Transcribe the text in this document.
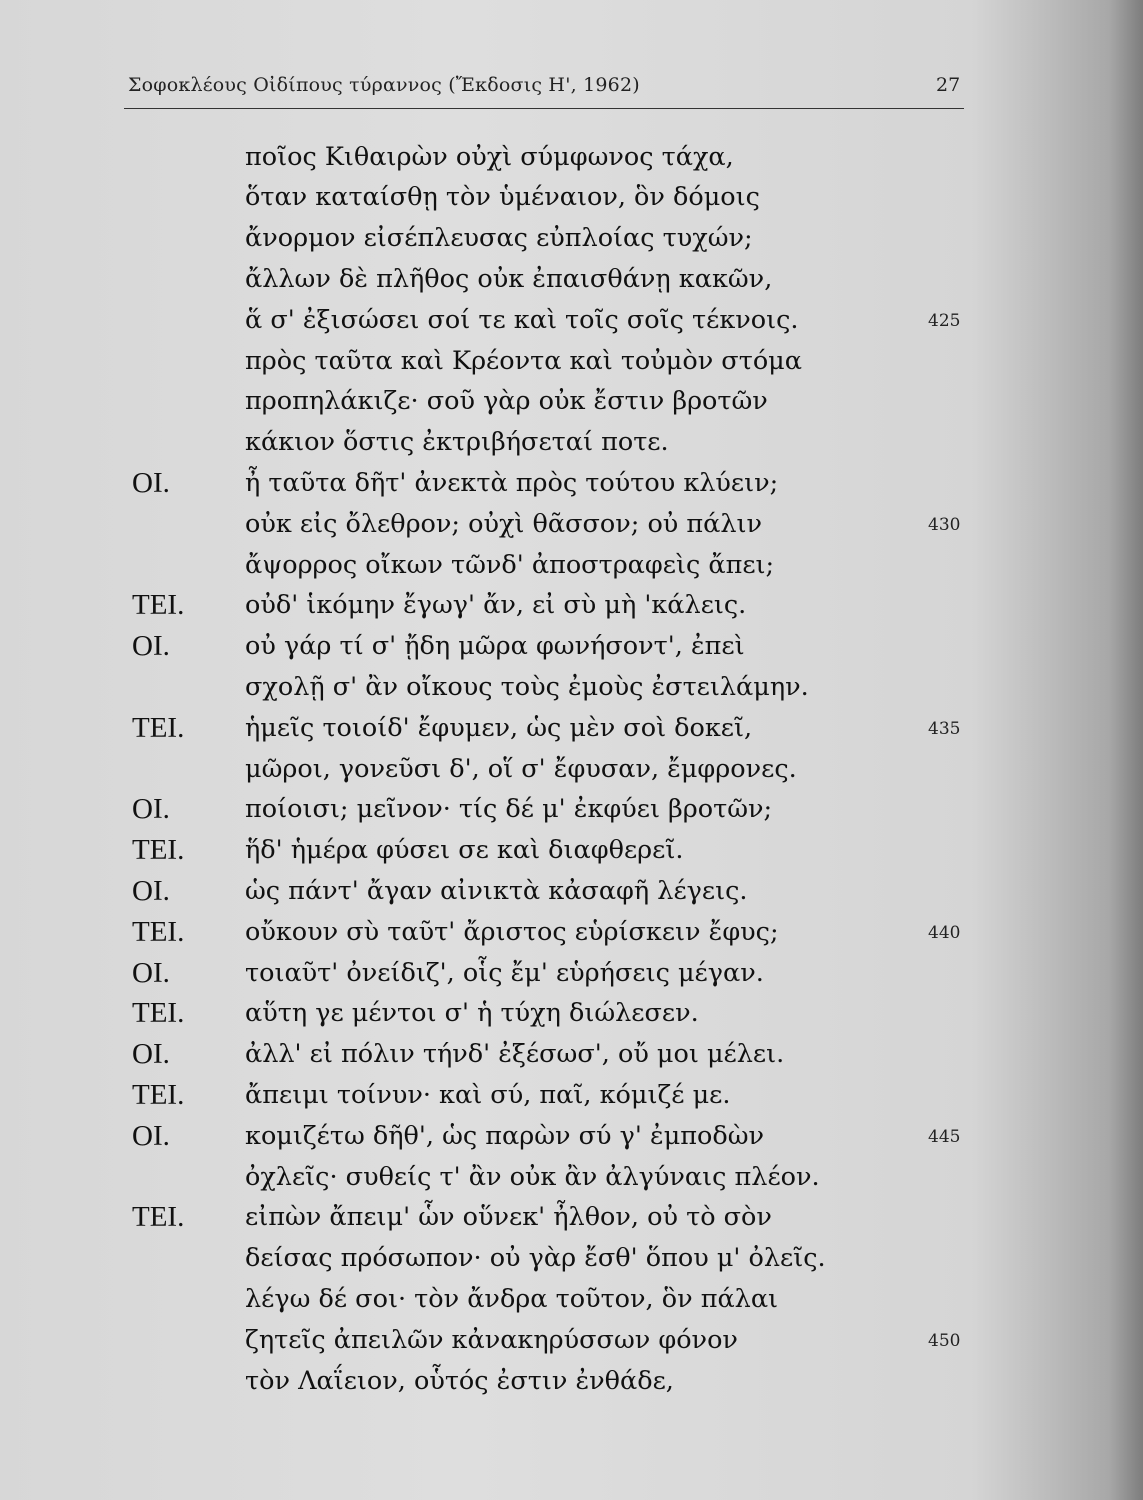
Σοφοκλέους Οἰδίπους τύραννος (Ἔκδοσις Η', 1962)	27
ποῖος Κιθαιρὼν οὐχὶ σύμφωνος τάχα,
ὅταν καταίσθῃ τὸν ὑμέναιον, ὃν δόμοις
ἄνορμον εἰσέπλευσας εὐπλοίας τυχών;
ἄλλων δὲ πλῆθος οὐκ ἐπαισθάνῃ κακῶν,
ἅ σ' ἐξισώσει σοί τε καὶ τοῖς σοῖς τέκνοις.	425
πρὸς ταῦτα καὶ Κρέοντα καὶ τοὐμὸν στόμα
προπηλάκιζε· σοῦ γὰρ οὐκ ἔστιν βροτῶν
κάκιον ὅστις ἐκτριβήσεταί ποτε.
ΟΙ.	ἦ ταῦτα δῆτ' ἀνεκτὰ πρὸς τούτου κλύειν;
οὐκ εἰς ὄλεθρον; οὐχὶ θᾶσσον; οὐ πάλιν	430
ἄψορρος οἴκων τῶνδ' ἀποστραφεὶς ἄπει;
ΤΕΙ. οὐδ' ἱκόμην ἔγωγ' ἄν, εἰ σὺ μὴ 'κάλεις.
ΟΙ.	οὐ γάρ τί σ' ᾔδη μῶρα φωνήσοντ', ἐπεὶ
σχολῇ σ' ἂν οἴκους τοὺς ἐμοὺς ἐστειλάμην.
ΤΕΙ. ἡμεῖς τοιοίδ' ἔφυμεν, ὡς μὲν σοὶ δοκεῖ,	435
μῶροι, γονεῦσι δ', οἵ σ' ἔφυσαν, ἔμφρονες.
ΟΙ.	ποίοισι; μεῖνον· τίς δέ μ' ἐκφύει βροτῶν;
ΤΕΙ. ἥδ' ἡμέρα φύσει σε καὶ διαφθερεῖ.
ΟΙ.	ὡς πάντ' ἄγαν αἰνικτὰ κἀσαφῆ λέγεις.
ΤΕΙ. οὔκουν σὺ ταῦτ' ἄριστος εὑρίσκειν ἔφυς;	440
ΟΙ.	τοιαῦτ' ὀνείδιζ', οἷς ἔμ' εὑρήσεις μέγαν.
ΤΕΙ. αὕτη γε μέντοι σ' ἡ τύχη διώλεσεν.
ΟΙ.	ἀλλ' εἰ πόλιν τήνδ' ἐξέσωσ', οὔ μοι μέλει.
ΤΕΙ. ἄπειμι τοίνυν· καὶ σύ, παῖ, κόμιζέ με.
ΟΙ.	κομιζέτω δῆθ', ὡς παρὼν σύ γ' ἐμποδὼν	445
ὀχλεῖς· συθείς τ' ἂν οὐκ ἂν ἀλγύναις πλέον.
ΤΕΙ. εἰπὼν ἄπειμ' ὧν οὕνεκ' ἦλθον, οὐ τὸ σὸν
δείσας πρόσωπον· οὐ γὰρ ἔσθ' ὅπου μ' ὀλεῖς.
λέγω δέ σοι· τὸν ἄνδρα τοῦτον, ὃν πάλαι
ζητεῖς ἀπειλῶν κἀνακηρύσσων φόνον	450
τὸν Λαΐειον, οὗτός ἐστιν ἐνθάδε,
